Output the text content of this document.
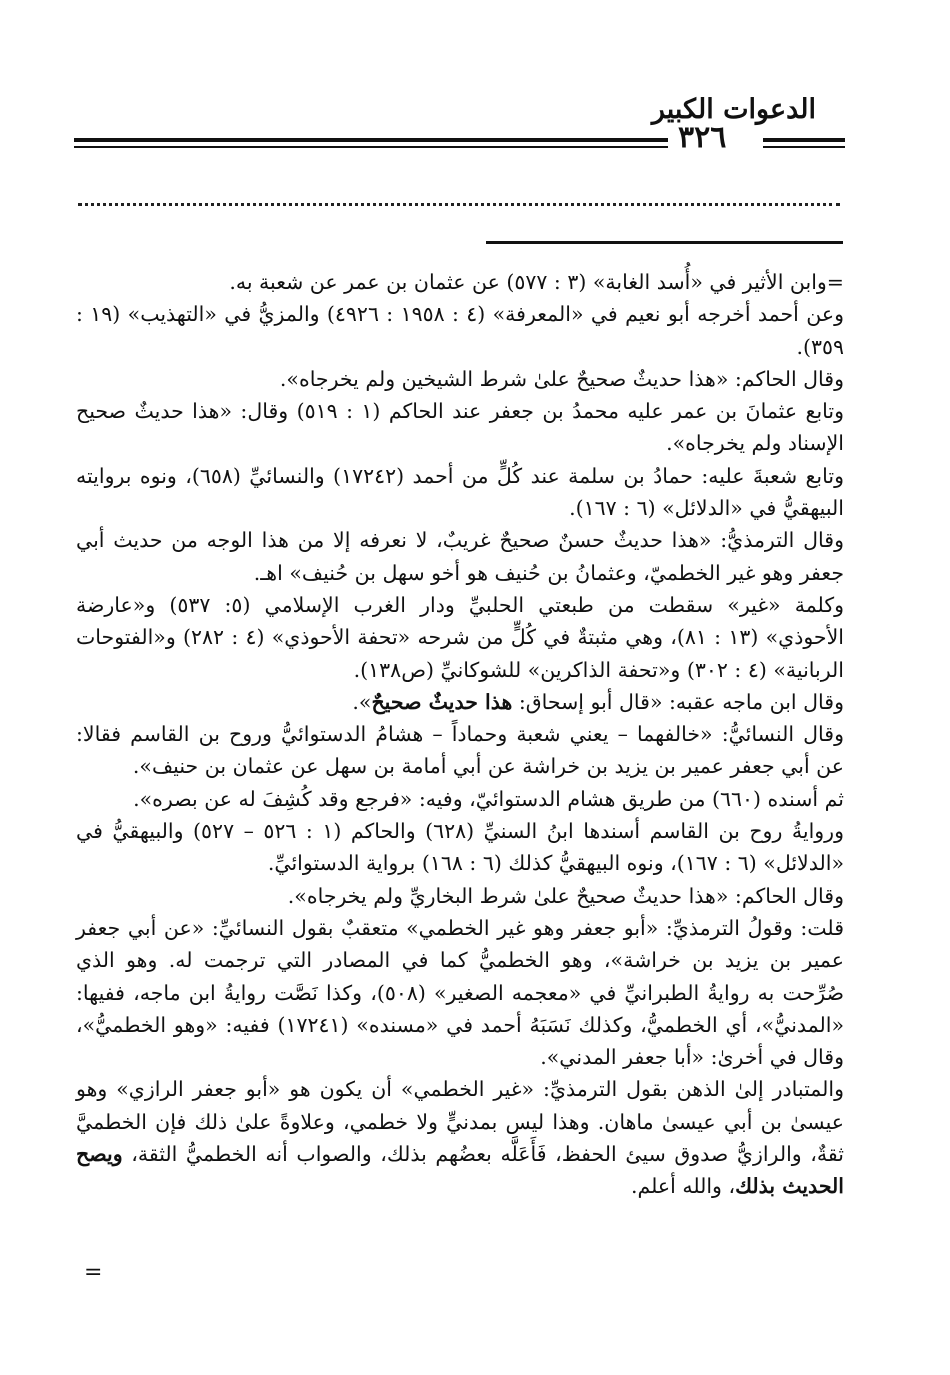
الدعوات الكبير
٣٢٦

=وابن الأثير في «أُسد الغابة» (٣ : ٥٧٧) عن عثمان بن عمر عن شعبة به.

وعن أحمد أخرجه أبو نعيم في «المعرفة» (٤ : ١٩٥٨ : ٤٩٢٦) والمزيُّ في «التهذيب» (١٩ : ٣٥٩).

وقال الحاكم: «هذا حديثٌ صحيحٌ علىٰ شرط الشيخين ولم يخرجاه».

وتابع عثمانَ بن عمر عليه محمدُ بن جعفر عند الحاكم (١ : ٥١٩) وقال: «هذا حديثٌ صحيح الإسناد ولم يخرجاه».

وتابع شعبةَ عليه: حمادُ بن سلمة عند كُلٍّ من أحمد (١٧٢٤٢) والنسائيِّ (٦٥٨)، ونوه بروايته البيهقيُّ في «الدلائل» (٦ : ١٦٧).

وقال الترمذيُّ: «هذا حديثٌ حسنٌ صحيحٌ غريبٌ، لا نعرفه إلا من هذا الوجه من حديث أبي جعفر وهو غير الخطميّ، وعثمانُ بن حُنيف هو أخو سهل بن حُنيف» اهـ.

وكلمة «غير» سقطت من طبعتي الحلبيِّ ودار الغرب الإسلامي (٥: ٥٣٧) و«عارضة الأحوذي» (١٣ : ٨١)، وهي مثبتةٌ في كُلٍّ من شرحه «تحفة الأحوذي» (٤ : ٢٨٢) و«الفتوحات الربانية» (٤ : ٣٠٢) و«تحفة الذاكرين» للشوكانيِّ (ص١٣٨).

وقال ابن ماجه عقبه: «قال أبو إسحاق: هذا حديثٌ صحيحٌ».

وقال النسائيُّ: «خالفهما – يعني شعبة وحماداً – هشامُ الدستوائيُّ وروح بن القاسم فقالا: عن أبي جعفر عمير بن يزيد بن خراشة عن أبي أمامة بن سهل عن عثمان بن حنيف».

ثم أسنده (٦٦٠) من طريق هشام الدستوائيّ، وفيه: «فرجع وقد كُشِفَ له عن بصره».

وروايةُ روح بن القاسم أسندها ابنُ السنيِّ (٦٢٨) والحاكم (١ : ٥٢٦ – ٥٢٧) والبيهقيُّ في «الدلائل» (٦ : ١٦٧)، ونوه البيهقيُّ كذلك (٦ : ١٦٨) برواية الدستوائيِّ.

وقال الحاكم: «هذا حديثٌ صحيحٌ علىٰ شرط البخاريِّ ولم يخرجاه».

قلت: وقولُ الترمذيِّ: «أبو جعفر وهو غير الخطمي» متعقبٌ بقول النسائيِّ: «عن أبي جعفر عمير بن يزيد بن خراشة»، وهو الخطميُّ كما في المصادر التي ترجمت له. وهو الذي صُرِّحت به روايةُ الطبرانيِّ في «معجمه الصغير» (٥٠٨)، وكذا نَصَّت روايةُ ابن ماجه، ففيها: «المدنيُّ»، أي الخطميُّ، وكذلك نَسَبَهُ أحمد في «مسنده» (١٧٢٤١) ففيه: «وهو الخطميُّ»، وقال في أخرىٰ: «أبا جعفر المدني».

والمتبادر إلىٰ الذهن بقول الترمذيِّ: «غير الخطمي» أن يكون هو «أبو جعفر الرازي» وهو عيسىٰ بن أبي عيسىٰ ماهان. وهذا ليس بمدنيٍّ ولا خطمي، وعلاوةً علىٰ ذلك فإن الخطميَّ ثقةٌ، والرازيُّ صدوق سيئ الحفظ، فَأَعَلَّه بعضُهم بذلك، والصواب أنه الخطميُّ الثقة، ويصح الحديث بذلك، والله أعلم.

=
